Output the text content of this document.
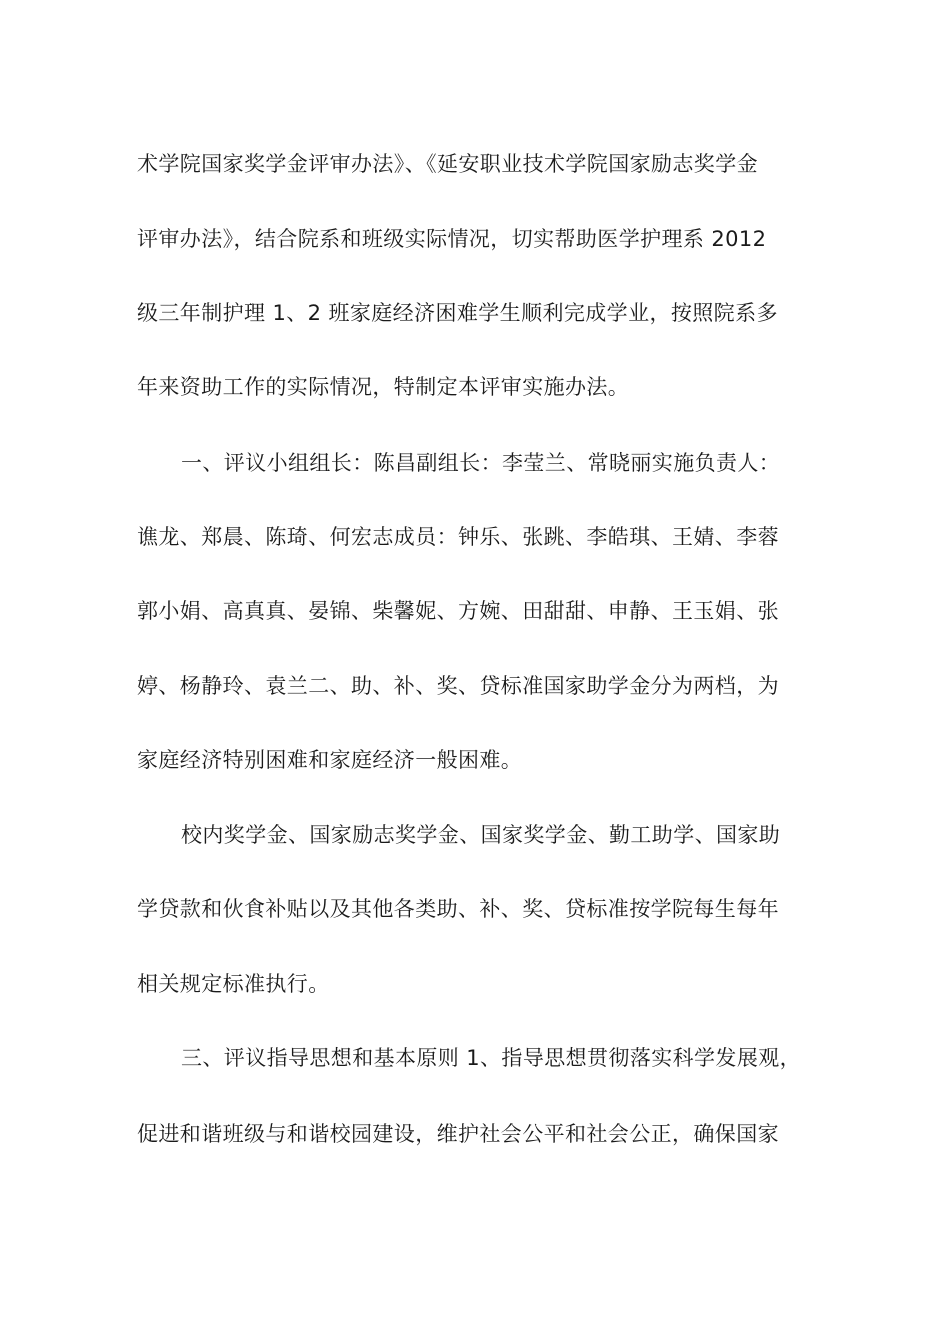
术学院国家奖学金评审办法》、《延安职业技术学院国家励志奖学金
评审办法》，结合院系和班级实际情况，切实帮助医学护理系 2012
级三年制护理 1、2 班家庭经济困难学生顺利完成学业，按照院系多
年来资助工作的实际情况，特制定本评审实施办法。
一、评议小组组长：陈昌副组长：李莹兰、常晓丽实施负责人：
谯龙、郑晨、陈琦、何宏志成员：钟乐、张跳、李皓琪、王婧、李蓉
郭小娟、高真真、晏锦、柴馨妮、方婉、田甜甜、申静、王玉娟、张
婷、杨静玲、袁兰二、助、补、奖、贷标准国家助学金分为两档，为
家庭经济特别困难和家庭经济一般困难。
校内奖学金、国家励志奖学金、国家奖学金、勤工助学、国家助
学贷款和伙食补贴以及其他各类助、补、奖、贷标准按学院每生每年
相关规定标准执行。
三、评议指导思想和基本原则 1、指导思想贯彻落实科学发展观，
促进和谐班级与和谐校园建设，维护社会公平和社会公正，确保国家
